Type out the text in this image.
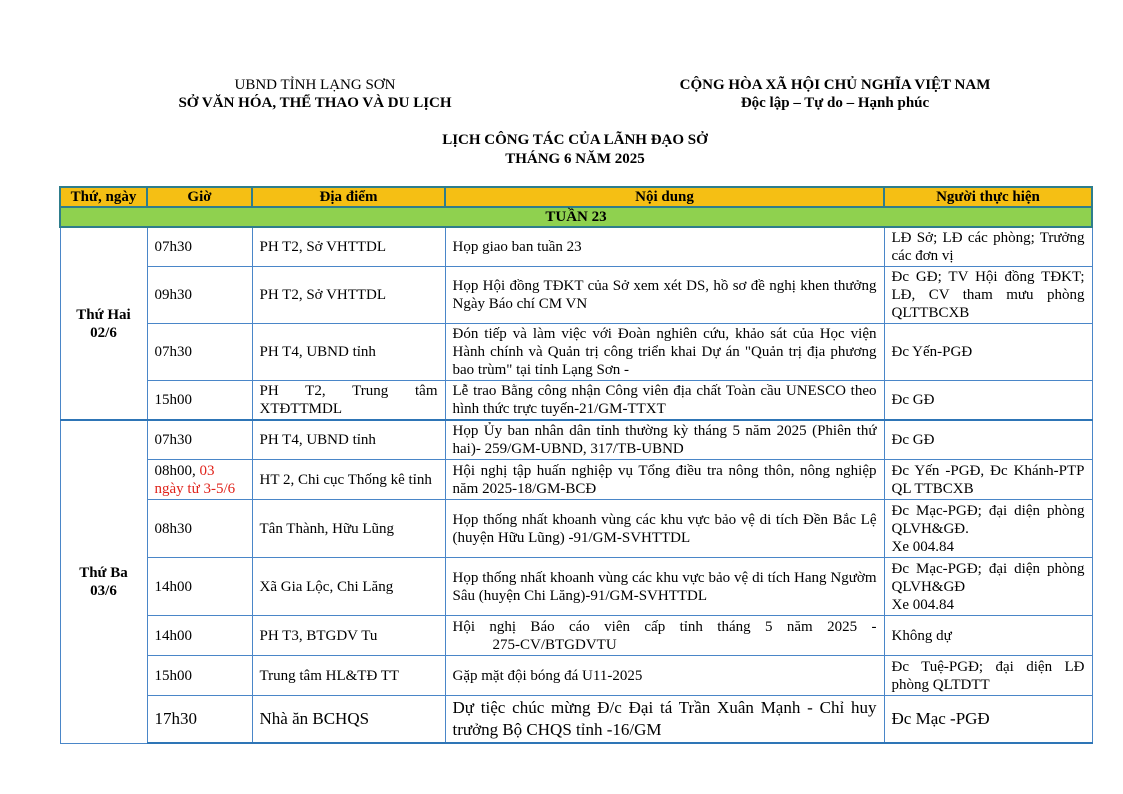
UBND TỈNH LẠNG SƠN
SỞ VĂN HÓA, THỂ THAO VÀ DU LỊCH
CỘNG HÒA XÃ HỘI CHỦ NGHĨA VIỆT NAM
Độc lập – Tự do – Hạnh phúc
LỊCH CÔNG TÁC CỦA LÃNH ĐẠO SỞ
THÁNG 6 NĂM 2025
Thứ, ngày	Giờ	Địa điểm	Nội dung	Người thực hiện
TUẦN 23				

Thứ Hai
02/6	07h30	PH T2, Sở VHTTDL	Họp giao ban tuần 23	LĐ Sở; LĐ các phòng; Trưởng các đơn vị
	09h30	PH T2, Sở VHTTDL	Họp Hội đồng TĐKT của Sở xem xét DS, hồ sơ đề nghị khen thưởng Ngày Báo chí CM VN	Đc GĐ; TV Hội đồng TĐKT; LĐ, CV tham mưu phòng QLTTBCXB
	07h30	PH T4, UBND tỉnh	Đón tiếp và làm việc với Đoàn nghiên cứu, khảo sát của Học viện Hành chính và Quản trị công triển khai Dự án "Quản trị địa phương bao trùm" tại tỉnh Lạng Sơn -	Đc Yến-PGĐ
	15h00	PH T2, Trung tâm XTĐTTMDL	Lễ trao Bằng công nhận Công viên địa chất Toàn cầu UNESCO theo hình thức trực tuyến-21/GM-TTXT	Đc GĐ

Thứ Ba
03/6	07h30	PH T4, UBND tỉnh	Họp Ủy ban nhân dân tỉnh thường kỳ tháng 5 năm 2025 (Phiên thứ hai)- 259/GM-UBND, 317/TB-UBND	Đc GĐ
	08h00, 03 ngày từ 3-5/6	HT 2, Chi cục Thống kê tỉnh	Hội nghị tập huấn nghiệp vụ Tổng điều tra nông thôn, nông nghiệp năm 2025-18/GM-BCĐ	Đc Yến -PGĐ, Đc Khánh-PTP QL TTBCXB
	08h30	Tân Thành, Hữu Lũng	Họp thống nhất khoanh vùng các khu vực bảo vệ di tích Đền Bắc Lệ (huyện Hữu Lũng) -91/GM-SVHTTDL	Đc Mạc-PGĐ; đại diện phòng QLVH&GĐ.
Xe 004.84

	14h00	Xã Gia Lộc, Chi Lăng	Họp thống nhất khoanh vùng các khu vực bảo vệ di tích Hang Ngườm Sâu (huyện Chi Lăng)-91/GM-SVHTTDL	Đc Mạc-PGĐ; đại diện phòng QLVH&GĐ
Xe 004.84

	14h00	PH T3, BTGDV Tu	Hội nghị Báo cáo viên cấp tỉnh tháng 5 năm 2025 -
275-CV/BTGDVTU	Không dự
	15h00	Trung tâm HL&TĐ TT	Gặp mặt đội bóng đá U11-2025	Đc Tuệ-PGĐ; đại diện LĐ phòng QLTDTT
	17h30	Nhà ăn BCHQS	Dự tiệc chúc mừng Đ/c Đại tá Trần Xuân Mạnh - Chỉ huy trưởng Bộ CHQS tỉnh -16/GM	Đc Mạc -PGĐ
